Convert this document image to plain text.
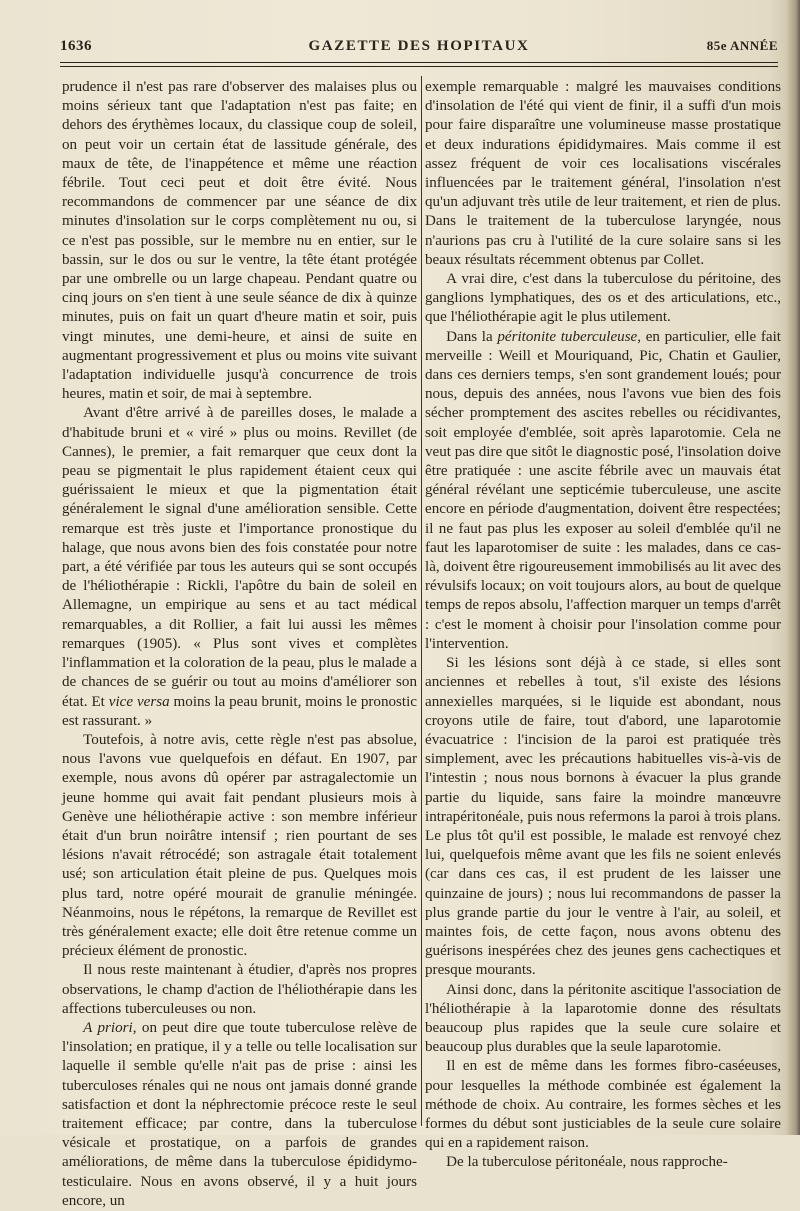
1636	GAZETTE DES HOPITAUX	85e ANNÉE

prudence il n'est pas rare d'observer des malaises plus ou moins sérieux tant que l'adaptation n'est pas faite; en dehors des érythèmes locaux, du classique coup de soleil, on peut voir un certain état de lassitude générale, des maux de tête, de l'inappétence et même une réaction fébrile. Tout ceci peut et doit être évité. Nous recommandons de commencer par une séance de dix minutes d'insolation sur le corps complètement nu ou, si ce n'est pas possible, sur le membre nu en entier, sur le bassin, sur le dos ou sur le ventre, la tête étant protégée par une ombrelle ou un large chapeau. Pendant quatre ou cinq jours on s'en tient à une seule séance de dix à quinze minutes, puis on fait un quart d'heure matin et soir, puis vingt minutes, une demi-heure, et ainsi de suite en augmentant progressivement et plus ou moins vite suivant l'adaptation individuelle jusqu'à concurrence de trois heures, matin et soir, de mai à septembre.

Avant d'être arrivé à de pareilles doses, le malade a d'habitude bruni et « viré » plus ou moins. Revillet (de Cannes), le premier, a fait remarquer que ceux dont la peau se pigmentait le plus rapidement étaient ceux qui guérissaient le mieux et que la pigmentation était généralement le signal d'une amélioration sensible. Cette remarque est très juste et l'importance pronostique du halage, que nous avons bien des fois constatée pour notre part, a été vérifiée par tous les auteurs qui se sont occupés de l'héliothérapie : Rickli, l'apôtre du bain de soleil en Allemagne, un empirique au sens et au tact médical remarquables, a dit Rollier, a fait lui aussi les mêmes remarques (1905). « Plus sont vives et complètes l'inflammation et la coloration de la peau, plus le malade a de chances de se guérir ou tout au moins d'améliorer son état. Et vice versa moins la peau brunit, moins le pronostic est rassurant. »

Toutefois, à notre avis, cette règle n'est pas absolue, nous l'avons vue quelquefois en défaut. En 1907, par exemple, nous avons dû opérer par astragalectomie un jeune homme qui avait fait pendant plusieurs mois à Genève une héliothérapie active : son membre inférieur était d'un brun noirâtre intensif ; rien pourtant de ses lésions n'avait rétrocédé; son astragale était totalement usé; son articulation était pleine de pus. Quelques mois plus tard, notre opéré mourait de granulie méningée. Néanmoins, nous le répétons, la remarque de Revillet est très généralement exacte; elle doit être retenue comme un précieux élément de pronostic.

Il nous reste maintenant à étudier, d'après nos propres observations, le champ d'action de l'héliothérapie dans les affections tuberculeuses ou non.

A priori, on peut dire que toute tuberculose relève de l'insolation; en pratique, il y a telle ou telle localisation sur laquelle il semble qu'elle n'ait pas de prise : ainsi les tuberculoses rénales qui ne nous ont jamais donné grande satisfaction et dont la néphrectomie précoce reste le seul traitement efficace; par contre, dans la tuberculose vésicale et prostatique, on a parfois de grandes améliorations, de même dans la tuberculose épididymo-testiculaire. Nous en avons observé, il y a huit jours encore, un

exemple remarquable : malgré les mauvaises conditions d'insolation de l'été qui vient de finir, il a suffi d'un mois pour faire disparaître une volumineuse masse prostatique et deux indurations épididymaires. Mais comme il est assez fréquent de voir ces localisations viscérales influencées par le traitement général, l'insolation n'est qu'un adjuvant très utile de leur traitement, et rien de plus. Dans le traitement de la tuberculose laryngée, nous n'aurions pas cru à l'utilité de la cure solaire sans si les beaux résultats récemment obtenus par Collet.

A vrai dire, c'est dans la tuberculose du péritoine, des ganglions lymphatiques, des os et des articulations, etc., que l'héliothérapie agit le plus utilement.

Dans la péritonite tuberculeuse, en particulier, elle fait merveille : Weill et Mouriquand, Pic, Chatin et Gaulier, dans ces derniers temps, s'en sont grandement loués; pour nous, depuis des années, nous l'avons vue bien des fois sécher promptement des ascites rebelles ou récidivantes, soit employée d'emblée, soit après laparotomie. Cela ne veut pas dire que sitôt le diagnostic posé, l'insolation doive être pratiquée : une ascite fébrile avec un mauvais état général révélant une septicémie tuberculeuse, une ascite encore en période d'augmentation, doivent être respectées; il ne faut pas plus les exposer au soleil d'emblée qu'il ne faut les laparotomiser de suite : les malades, dans ce cas-là, doivent être rigoureusement immobilisés au lit avec des révulsifs locaux; on voit toujours alors, au bout de quelque temps de repos absolu, l'affection marquer un temps d'arrêt : c'est le moment à choisir pour l'insolation comme pour l'intervention.

Si les lésions sont déjà à ce stade, si elles sont anciennes et rebelles à tout, s'il existe des lésions annexielles marquées, si le liquide est abondant, nous croyons utile de faire, tout d'abord, une laparotomie évacuatrice : l'incision de la paroi est pratiquée très simplement, avec les précautions habituelles vis-à-vis de l'intestin ; nous nous bornons à évacuer la plus grande partie du liquide, sans faire la moindre manœuvre intrapéritonéale, puis nous refermons la paroi à trois plans. Le plus tôt qu'il est possible, le malade est renvoyé chez lui, quelquefois même avant que les fils ne soient enlevés (car dans ces cas, il est prudent de les laisser une quinzaine de jours) ; nous lui recommandons de passer la plus grande partie du jour le ventre à l'air, au soleil, et maintes fois, de cette façon, nous avons obtenu des guérisons inespérées chez des jeunes gens cachectiques et presque mourants.

Ainsi donc, dans la péritonite ascitique l'association de l'héliothérapie à la laparotomie donne des résultats beaucoup plus rapides que la seule cure solaire et beaucoup plus durables que la seule laparotomie.

Il en est de même dans les formes fibro-caséeuses, pour lesquelles la méthode combinée est également la méthode de choix. Au contraire, les formes sèches et les formes du début sont justiciables de la seule cure solaire qui en a rapidement raison.

De la tuberculose péritonéale, nous rapproche-
